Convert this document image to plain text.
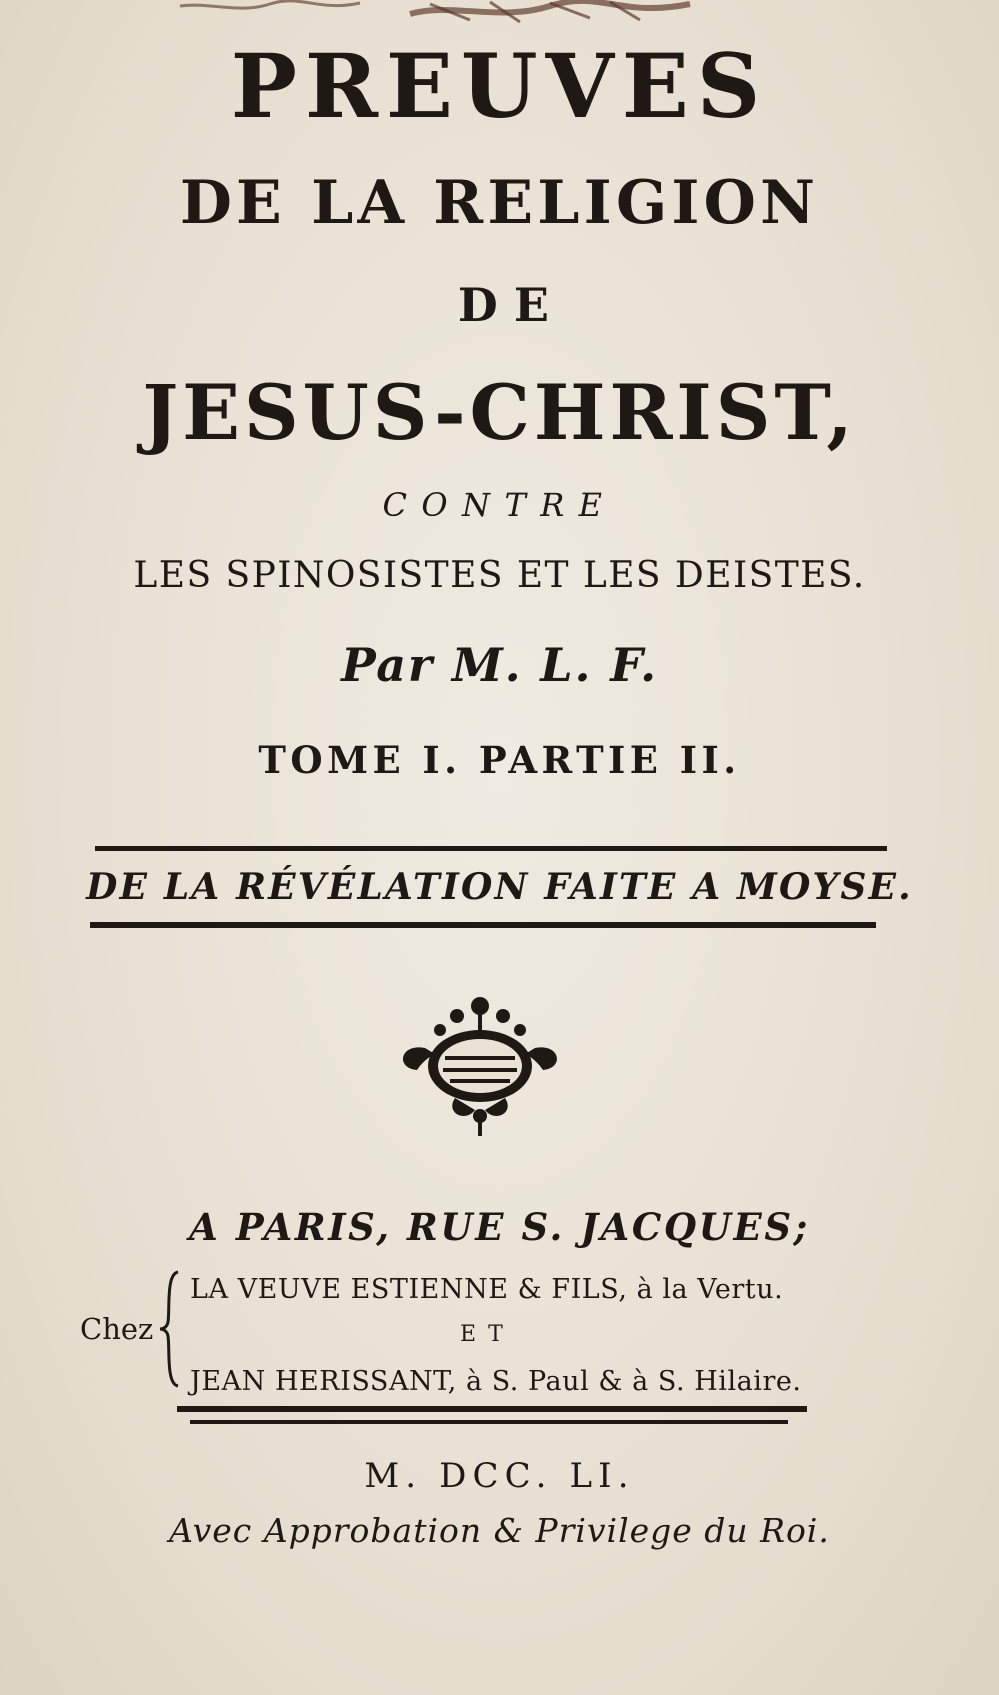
PREUVES
DE LA RELIGION
DE
JESUS-CHRIST,
CONTRE
LES SPINOSISTES ET LES DEISTES.
Par M. L. F.
TOME I. PARTIE II.
DE LA RÉVÉLATION FAITE A MOYSE.
A PARIS, RUE S. JACQUES;
Chez
LA VEUVE ESTIENNE & FILS, à la Vertu.
ET
JEAN HERISSANT, à S. Paul & à S. Hilaire.
M. DCC. LI.
Avec Approbation & Privilege du Roi.
